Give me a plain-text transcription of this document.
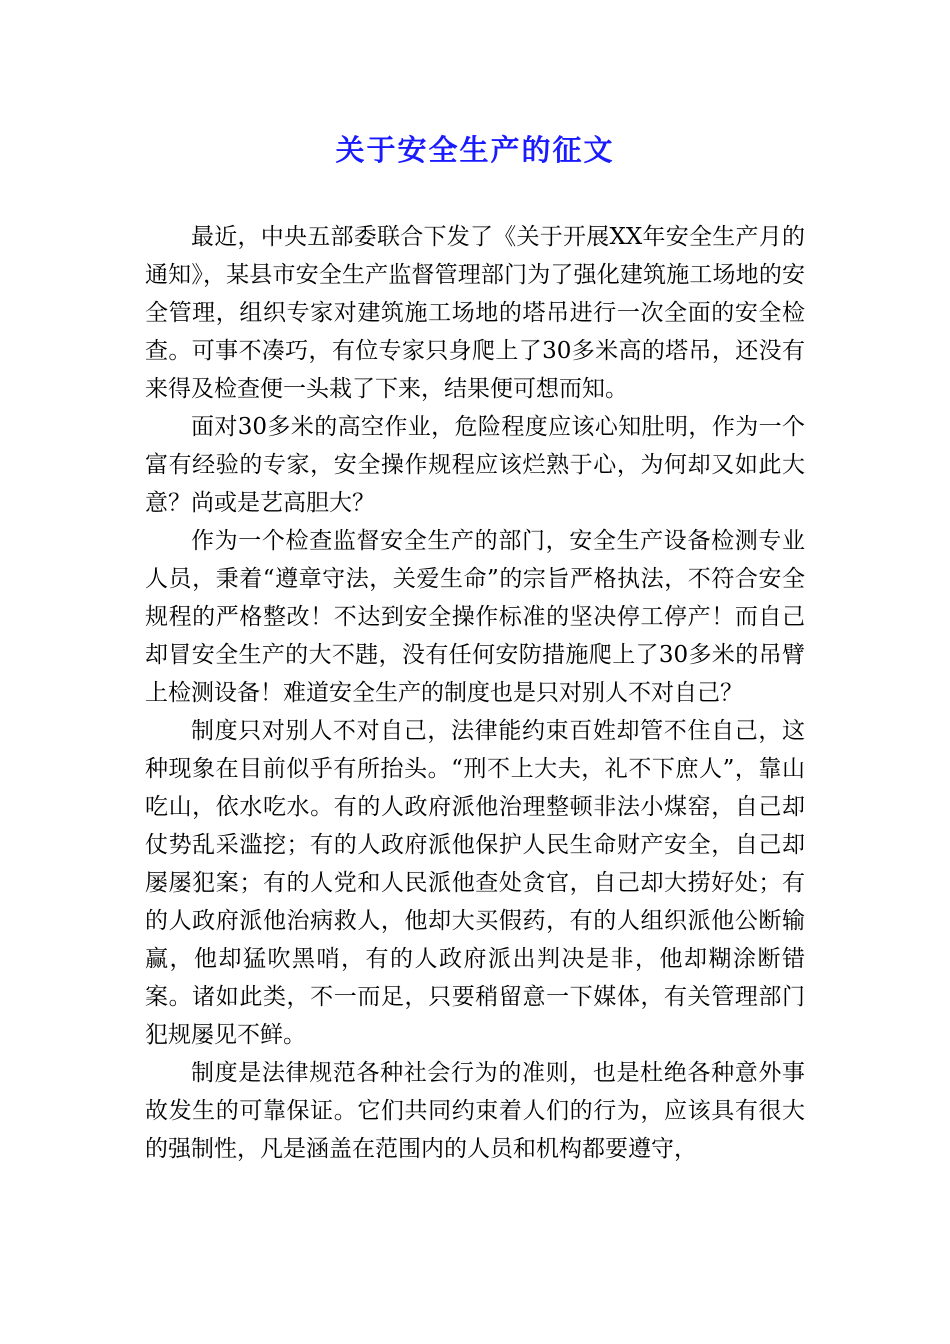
关于安全生产的征文

最近，中央五部委联合下发了《关于开展XX年安全生产月的通知》，某县市安全生产监督管理部门为了强化建筑施工场地的安全管理，组织专家对建筑施工场地的塔吊进行一次全面的安全检查。可事不凑巧，有位专家只身爬上了30多米高的塔吊，还没有来得及检查便一头栽了下来，结果便可想而知。

面对30多米的高空作业，危险程度应该心知肚明，作为一个富有经验的专家，安全操作规程应该烂熟于心，为何却又如此大意？尚或是艺高胆大？

作为一个检查监督安全生产的部门，安全生产设备检测专业人员，秉着“遵章守法，关爱生命”的宗旨严格执法，不符合安全规程的严格整改！不达到安全操作标准的坚决停工停产！而自己却冒安全生产的大不韪，没有任何安防措施爬上了30多米的吊臂上检测设备！难道安全生产的制度也是只对别人不对自己？

制度只对别人不对自己，法律能约束百姓却管不住自己，这种现象在目前似乎有所抬头。“刑不上大夫，礼不下庶人”，靠山吃山，依水吃水。有的人政府派他治理整顿非法小煤窑，自己却仗势乱采滥挖；有的人政府派他保护人民生命财产安全，自己却屡屡犯案；有的人党和人民派他查处贪官，自己却大捞好处；有的人政府派他治病救人，他却大买假药，有的人组织派他公断输赢，他却猛吹黑哨，有的人政府派出判决是非，他却糊涂断错案。诸如此类，不一而足，只要稍留意一下媒体，有关管理部门犯规屡见不鲜。

制度是法律规范各种社会行为的准则，也是杜绝各种意外事故发生的可靠保证。它们共同约束着人们的行为，应该具有很大的强制性，凡是涵盖在范围内的人员和机构都要遵守，
